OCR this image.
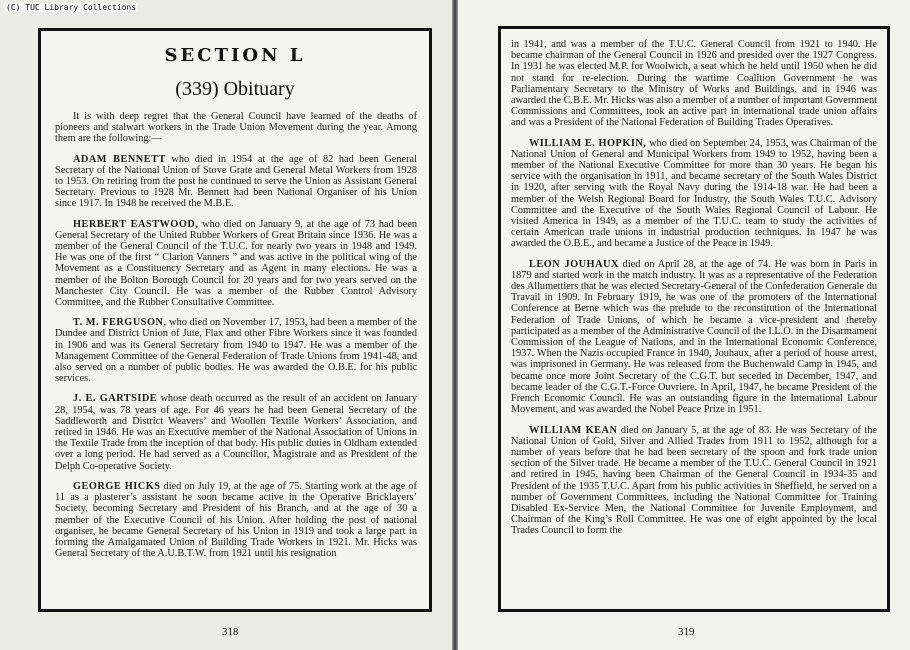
(C) TUC Library Collections
SECTION L
(339) Obituary

It is with deep regret that the General Council have learned of the deaths of pioneers and stalwart workers in the Trade Union Movement during the year. Among them are the following:—

ADAM BENNETT who died in 1954 at the age of 82 had been General Secretary of the National Union of Stove Grate and General Metal Workers from 1928 to 1953. On retiring from the post he continued to serve the Union as Assistant General Secretary. Previous to 1928 Mr. Bennett had been National Organiser of his Union since 1917. In 1948 he received the M.B.E.

HERBERT EASTWOOD, who died on January 9, at the age of 73 had been General Secretary of the United Rubber Workers of Great Britain since 1936. He was a member of the General Council of the T.U.C. for nearly two years in 1948 and 1949. He was one of the first “ Clarion Vanners ” and was active in the political wing of the Movement as a Constituency Secretary and as Agent in many elections. He was a member of the Bolton Borough Council for 20 years and for two years served on the Manchester City Council. He was a member of the Rubber Control Advisory Committee, and the Rubber Consultative Committee.

T. M. FERGUSON, who died on November 17, 1953, had been a member of the Dundee and District Union of Jute, Flax and other Fibre Workers since it was founded in 1906 and was its General Secretary from 1940 to 1947. He was a member of the Management Committee of the General Federation of Trade Unions from 1941-48, and also served on a number of public bodies. He was awarded the O.B.E. for his public services.

J. E. GARTSIDE whose death occurred as the result of an accident on January 28, 1954, was 78 years of age. For 46 years he had been General Secretary of the Saddleworth and District Weavers’ and Woollen Textile Workers’ Association, and retired in 1946. He was an Executive member of the National Association of Unions in the Textile Trade from the inception of that body. His public duties in Oldham extended over a long period. He had served as a Councillor, Magistrate and as President of the Delph Co-operative Society.

GEORGE HICKS died on July 19, at the age of 75. Starting work at the age of 11 as a plasterer’s assistant he soon became active in the Operative Bricklayers’ Society, becoming Secretary and President of his Branch, and at the age of 30 a member of the Executive Council of his Union. After holding the post of national organiser, he became General Secretary of his Union in 1919 and took a large part in forming the Amalgamated Union of Building Trade Workers in 1921. Mr. Hicks was General Secretary of the A.U.B.T.W. from 1921 until his resignation

318

in 1941, and was a member of the T.U.C. General Council from 1921 to 1940. He became chairman of the General Council in 1926 and presided over the 1927 Congress. In 1931 he was elected M.P. for Woolwich, a seat which he held until 1950 when he did not stand for re-election. During the wartime Coalition Government he was Parliamentary Secretary to the Ministry of Works and Buildings, and in 1946 was awarded the C.B.E. Mr. Hicks was also a member of a number of important Government Commissions and Committees, took an active part in international trade union affairs and was a President of the National Federation of Building Trades Operatives.

WILLIAM E. HOPKIN, who died on September 24, 1953, was Chairman of the National Union of General and Municipal Workers from 1949 to 1952, having been a member of the National Executive Committee for more than 30 years. He began his service with the organisation in 1911, and became secretary of the South Wales District in 1920, after serving with the Royal Navy during the 1914-18 war. He had been a member of the Welsh Regional Board for Industry, the South Wales T.U.C. Advisory Committee and the Executive of the South Wales Regional Council of Labour. He visited America in 1949, as a member of the T.U.C. team to study the activities of certain American trade unions in industrial production techniques. In 1947 he was awarded the O.B.E., and became a Justice of the Peace in 1949.

LEON JOUHAUX died on April 28, at the age of 74. He was born in Paris in 1879 and started work in the match industry. It was as a representative of the Federation des Allumettiers that he was elected Secretary-General of the Confederation Generale du Travail in 1909. In February 1919, he was one of the promoters of the International Conference at Berne which was the prelude to the reconstitution of the International Federation of Trade Unions, of which he became a vice-president and thereby participated as a member of the Administrative Council of the I.L.O. in the Disarmament Commission of the League of Nations, and in the International Economic Conference, 1937. When the Nazis occupied France in 1940, Jouhaux, after a period of house arrest, was imprisoned in Germany. He was released from the Buchenwald Camp in 1945, and became once more Joint Secretary of the C.G.T. but seceded in December, 1947, and became leader of the C.G.T.-Force Ouvriere. In April, 1947, he became President of the French Economic Council. He was an outstanding figure in the International Labour Movement, and was awarded the Nobel Peace Prize in 1951.

WILLIAM KEAN died on January 5, at the age of 83. He was Secretary of the National Union of Gold, Silver and Allied Trades from 1911 to 1952, although for a number of years before that he had been secretary of the spoon and fork trade union section of the Silver trade. He became a member of the T.U.C. General Council in 1921 and retired in 1945, having been Chairman of the General Council in 1934-35 and President of the 1935 T.U.C. Apart from his public activities in Sheffield, he served on a number of Government Committees, including the National Committee for Training Disabled Ex-Service Men, the National Committee for Juvenile Employment, and Chairman of the King’s Roll Committee. He was one of eight appointed by the local Trades Council to form the

319
